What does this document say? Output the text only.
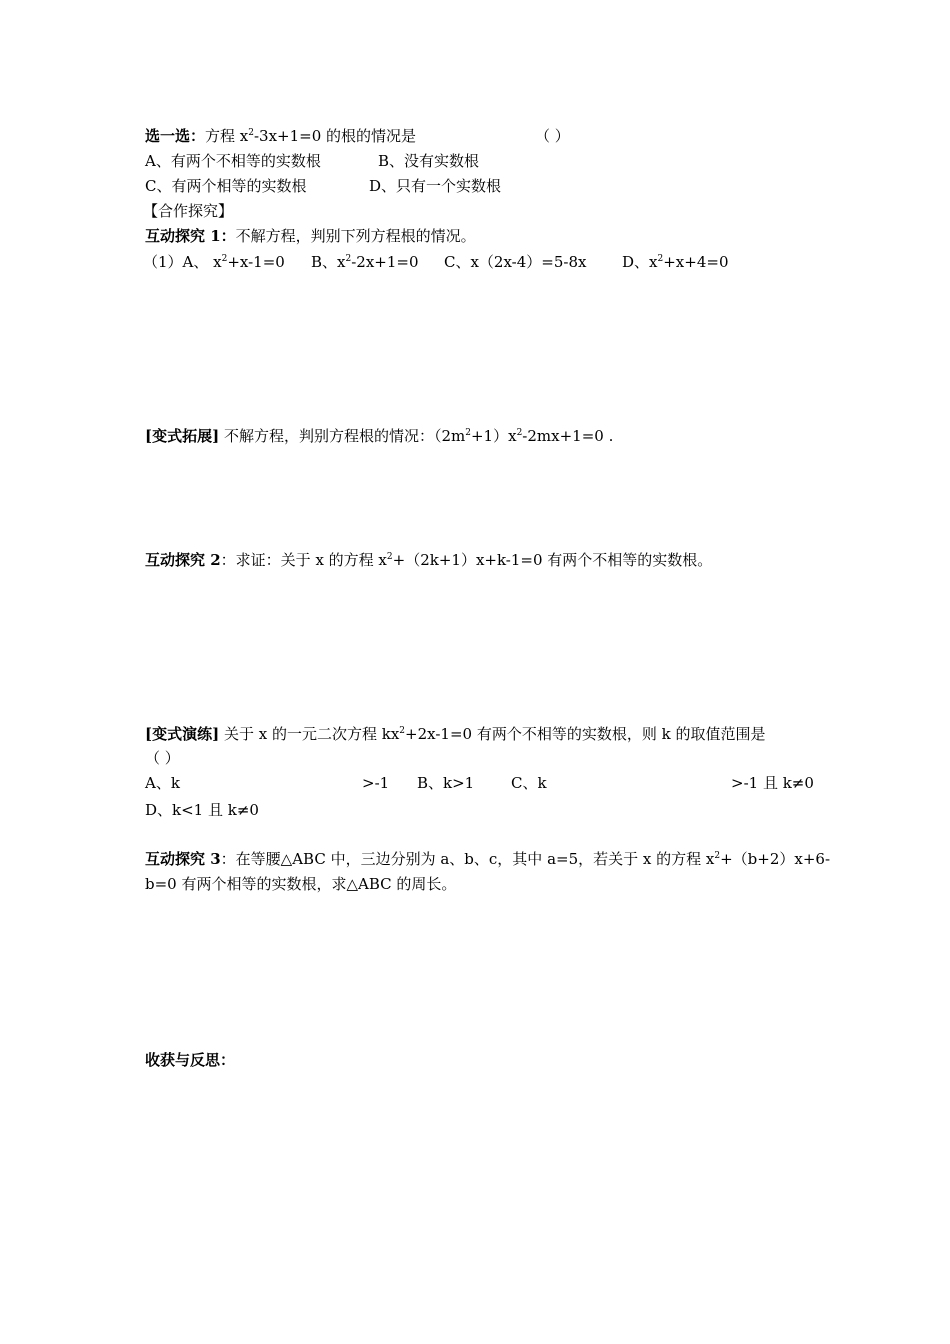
选一选：方程 $x^2-3x+1=0$ 的根的情况是	（ ）
A、有两个不相等的实数根	B、没有实数根
C、有两个相等的实数根	D、只有一个实数根
【合作探究】
互动探究 1：不解方程，判别下列方程根的情况。
（1）A、 $x^2+x-1=0$ B、$x^2-2x+1=0$ C、x（2x-4）=5-8x D、$x^2+x+4=0$
[变式拓展] 不解方程，判别方程根的情况：$(2m^2+1)x^2-2mx+1=0$ .
互动探究 2：求证：关于 x 的方程 $x^2+(2k+1)x+k-1=0$ 有两个不相等的实数根。
[变式演练] 关于 x 的一元二次方程 $kx^2+2x-1=0$ 有两个不相等的实数根，则 k 的取值范围是
（ ）
A、k	>-1 B、k>1 C、k	>-1 且 k≠0
D、k<1 且 k≠0
互动探究 3：在等腰△ABC 中，三边分别为 a、b、c，其中 a=5，若关于 x 的方程 $x^2+(b+2)x+6-$
b=0 有两个相等的实数根，求△ABC 的周长。
收获与反思：
